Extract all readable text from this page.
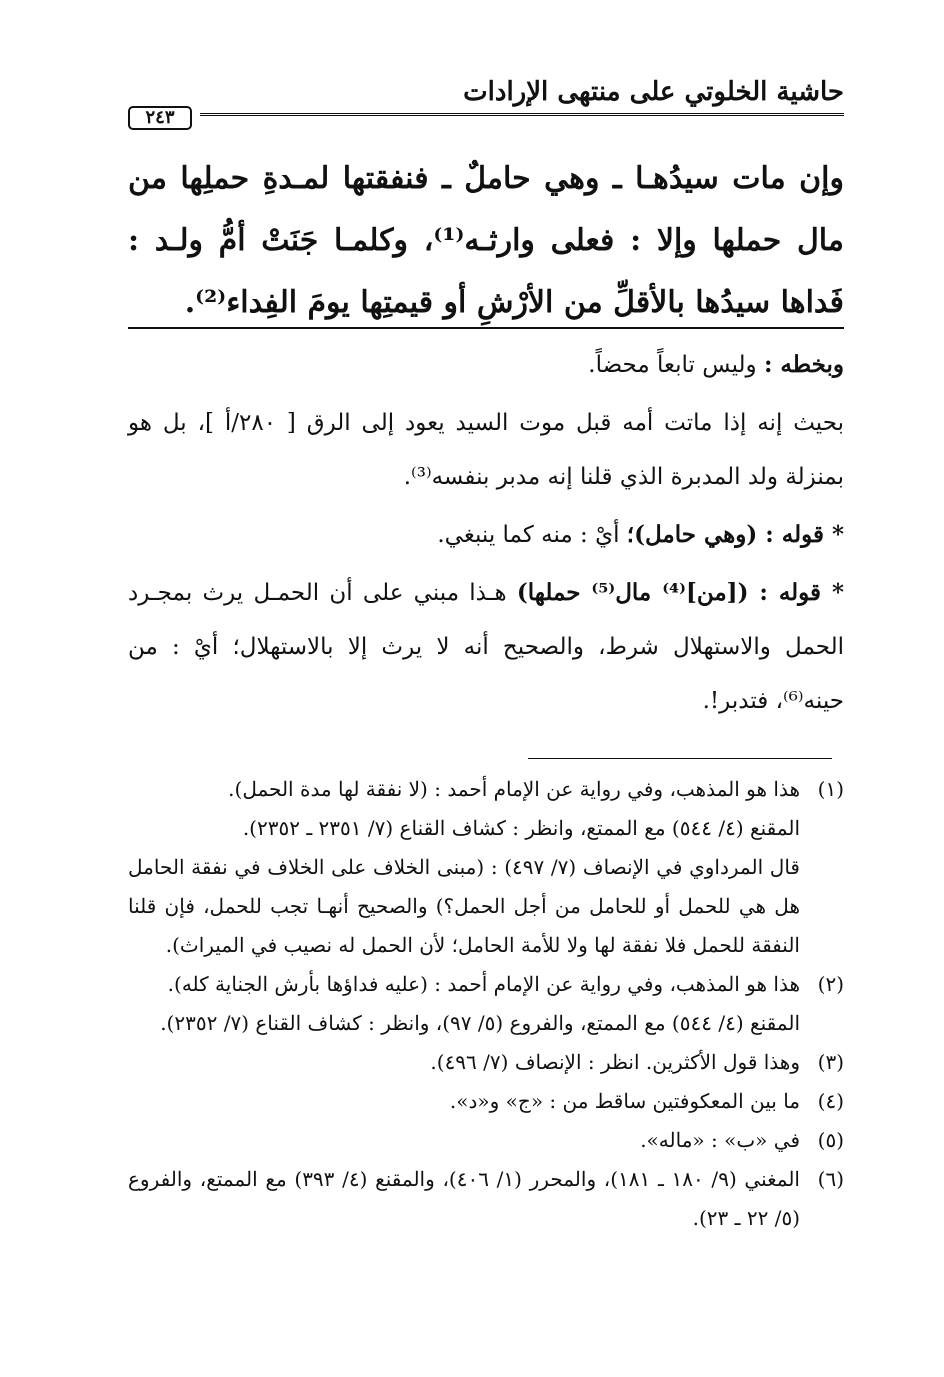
حاشية الخلوتي على منتهى الإرادات
٢٤٣
وإن مات سيدُهـا ـ وهي حاملٌ ـ فنفقتها لمـدةِ حملِها من مال حملها وإلا : فعلى وارثـه⁽¹⁾، وكلمـا جَنَتْ أمُّ ولـد : فَداها سيدُها بالأقلِّ من الأرْشِ أو قيمتِها يومَ الفِداء⁽²⁾.

وبخطه : وليس تابعاً محضاً.

بحيث إنه إذا ماتت أمه قبل موت السيد يعود إلى الرق [ ٢٨٠/أ ]، بل هو بمنزلة ولد المدبرة الذي قلنا إنه مدبر بنفسه⁽³⁾.

* قوله : (وهي حامل)؛ أيْ : منه كما ينبغي.

* قوله : ([من]⁽⁴⁾ مال⁽⁵⁾ حملها) هـذا مبني على أن الحمـل يرث بمجـرد الحمل والاستهلال شرط، والصحيح أنه لا يرث إلا بالاستهلال؛ أيْ : من حينه⁽⁶⁾، فتدبر!.

(١)

هذا هو المذهب، وفي رواية عن الإمام أحمد : (لا نفقة لها مدة الحمل).

المقنع (٤/ ٥٤٤) مع الممتع، وانظر : كشاف القناع (٧/ ٢٣٥١ ـ ٢٣٥٢).

قال المرداوي في الإنصاف (٧/ ٤٩٧) : (مبنى الخلاف على الخلاف في نفقة الحامل هل هي للحمل أو للحامل من أجل الحمل؟) والصحيح أنهـا تجب للحمل، فإن قلنا النفقة للحمل فلا نفقة لها ولا للأمة الحامل؛ لأن الحمل له نصيب في الميراث).

(٢)

هذا هو المذهب، وفي رواية عن الإمام أحمد : (عليه فداؤها بأرش الجناية كله).

المقنع (٤/ ٥٤٤) مع الممتع، والفروع (٥/ ٩٧)، وانظر : كشاف القناع (٧/ ٢٣٥٢).

(٣)

وهذا قول الأكثرين. انظر : الإنصاف (٧/ ٤٩٦).

(٤)

ما بين المعكوفتين ساقط من : «ج» و«د».

(٥)

في «ب» : «ماله».

(٦)

المغني (٩/ ١٨٠ ـ ١٨١)، والمحرر (١/ ٤٠٦)، والمقنع (٤/ ٣٩٣) مع الممتع، والفروع (٥/ ٢٢ ـ ٢٣).
